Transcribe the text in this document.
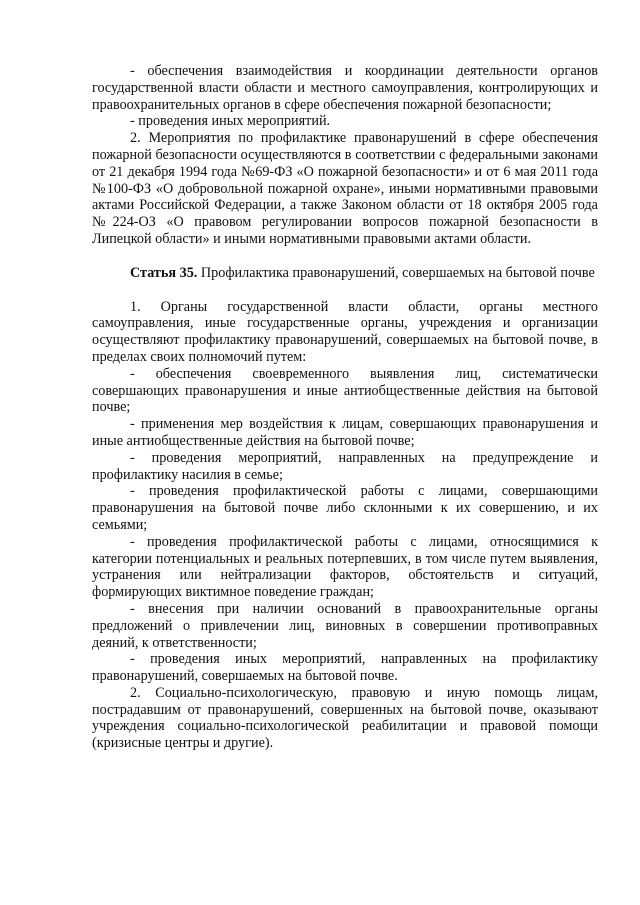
- обеспечения взаимодействия и координации деятельности органов государственной власти области и местного самоуправления, контролирующих и правоохранительных органов в сфере обеспечения пожарной безопасности;

- проведения иных мероприятий.

2. Мероприятия по профилактике правонарушений в сфере обеспечения пожарной безопасности осуществляются в соответствии с федеральными законами от 21 декабря 1994 года №69-ФЗ «О пожарной безопасности» и от 6 мая 2011 года №100-ФЗ «О добровольной пожарной охране», иными нормативными правовыми актами Российской Федерации, а также Законом области от 18 октября 2005 года №224-ОЗ «О правовом регулировании вопросов пожарной безопасности в Липецкой области» и иными нормативными правовыми актами области.

Статья 35. Профилактика правонарушений, совершаемых на бытовой почве

1. Органы государственной власти области, органы местного самоуправления, иные государственные органы, учреждения и организации осуществляют профилактику правонарушений, совершаемых на бытовой почве, в пределах своих полномочий путем:

- обеспечения своевременного выявления лиц, систематически совершающих правонарушения и иные антиобщественные действия на бытовой почве;

- применения мер воздействия к лицам, совершающих правонарушения и иные антиобщественные действия на бытовой почве;

- проведения мероприятий, направленных на предупреждение и профилактику насилия в семье;

- проведения профилактической работы с лицами, совершающими правонарушения на бытовой почве либо склонными к их совершению, и их семьями;

- проведения профилактической работы с лицами, относящимися к категории потенциальных и реальных потерпевших, в том числе путем выявления, устранения или нейтрализации факторов, обстоятельств и ситуаций, формирующих виктимное поведение граждан;

- внесения при наличии оснований в правоохранительные органы предложений о привлечении лиц, виновных в совершении противоправных деяний, к ответственности;

- проведения иных мероприятий, направленных на профилактику правонарушений, совершаемых на бытовой почве.

2. Социально-психологическую, правовую и иную помощь лицам, пострадавшим от правонарушений, совершенных на бытовой почве, оказывают учреждения социально-психологической реабилитации и правовой помощи (кризисные центры и другие).
